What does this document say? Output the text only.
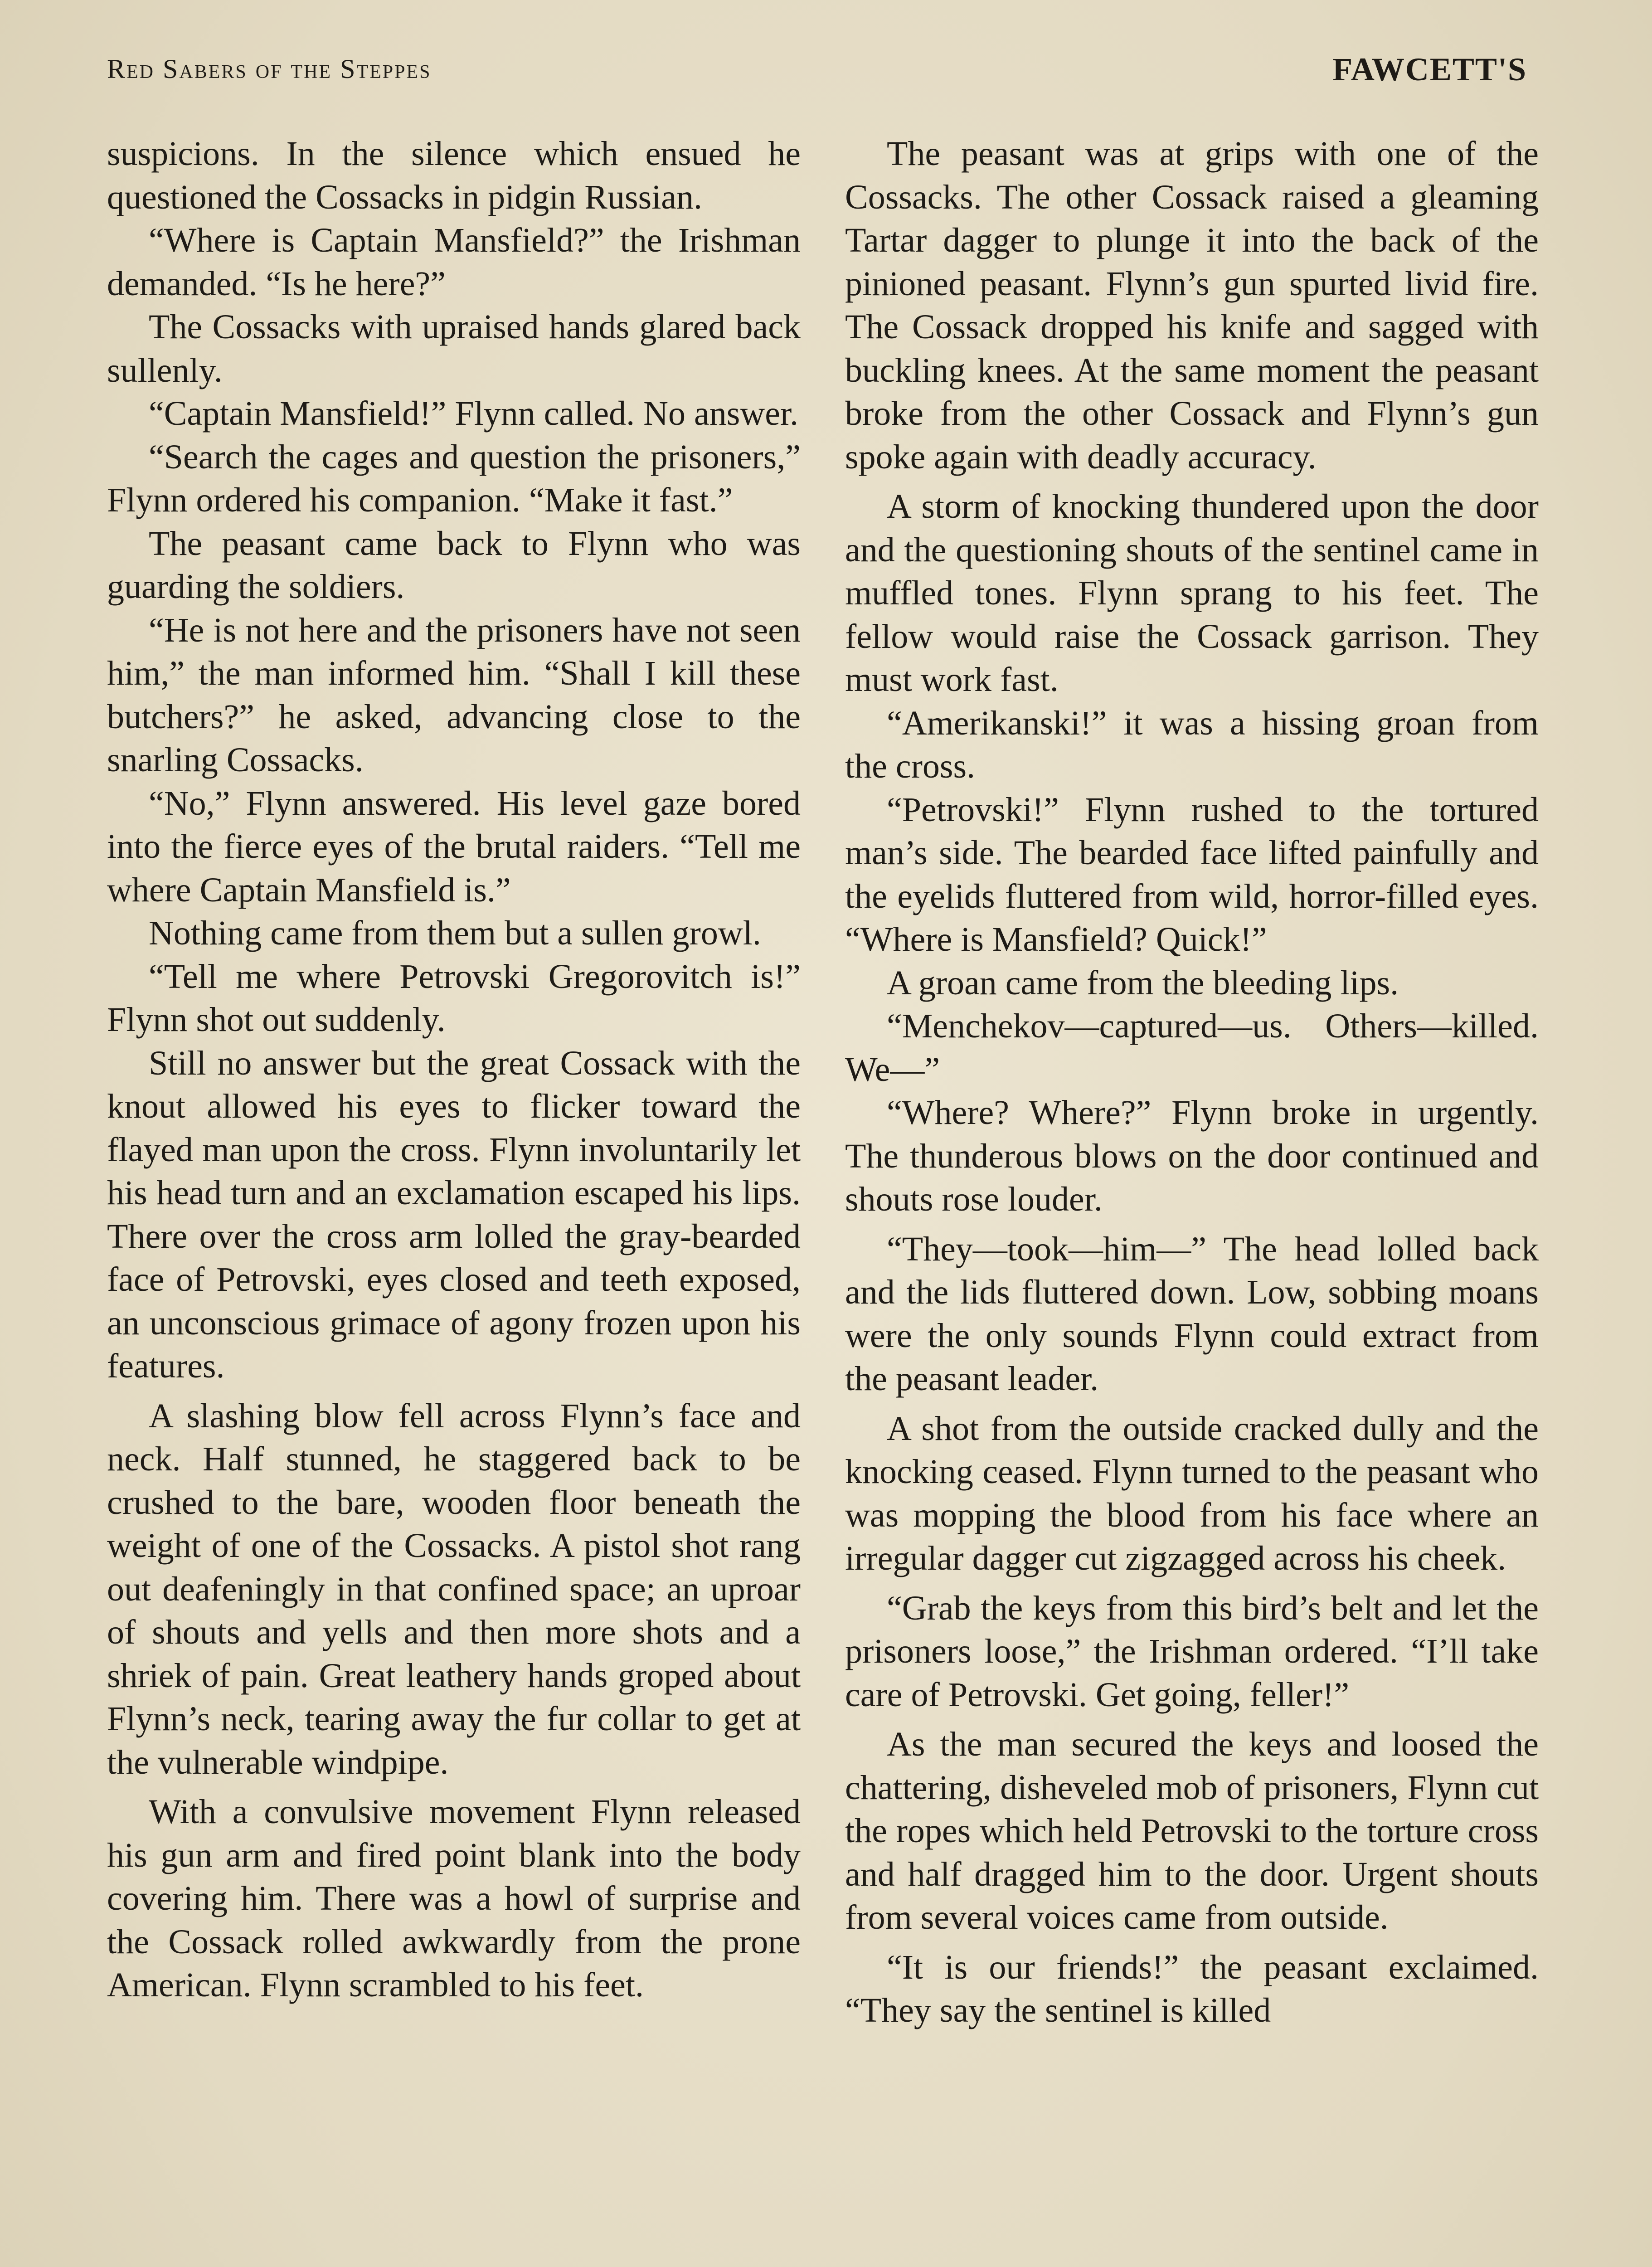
Red Sabers of the Steppes	FAWCETT'S

suspicions. In the silence which ensued he questioned the Cossacks in pidgin Russian.

“Where is Captain Mansfield?” the Irishman demanded. “Is he here?”

The Cossacks with upraised hands glared back sullenly.

“Captain Mansfield!” Flynn called. No answer.

“Search the cages and question the prisoners,” Flynn ordered his companion. “Make it fast.”

The peasant came back to Flynn who was guarding the soldiers.

“He is not here and the prisoners have not seen him,” the man informed him. “Shall I kill these butchers?” he asked, advancing close to the snarling Cossacks.

“No,” Flynn answered. His level gaze bored into the fierce eyes of the brutal raiders. “Tell me where Captain Mansfield is.”

Nothing came from them but a sullen growl.

“Tell me where Petrovski Gregorovitch is!” Flynn shot out suddenly.

Still no answer but the great Cossack with the knout allowed his eyes to flicker toward the flayed man upon the cross. Flynn involuntarily let his head turn and an exclamation escaped his lips. There over the cross arm lolled the gray-bearded face of Petrovski, eyes closed and teeth exposed, an unconscious grimace of agony frozen upon his features.

A slashing blow fell across Flynn’s face and neck. Half stunned, he staggered back to be crushed to the bare, wooden floor beneath the weight of one of the Cossacks. A pistol shot rang out deafeningly in that confined space; an uproar of shouts and yells and then more shots and a shriek of pain. Great leathery hands groped about Flynn’s neck, tearing away the fur collar to get at the vulnerable windpipe.

With a convulsive movement Flynn released his gun arm and fired point blank into the body covering him. There was a howl of surprise and the Cossack rolled awkwardly from the prone American. Flynn scrambled to his feet.

The peasant was at grips with one of the Cossacks. The other Cossack raised a gleaming Tartar dagger to plunge it into the back of the pinioned peasant. Flynn’s gun spurted livid fire. The Cossack dropped his knife and sagged with buckling knees. At the same moment the peasant broke from the other Cossack and Flynn’s gun spoke again with deadly accuracy.

A storm of knocking thundered upon the door and the questioning shouts of the sentinel came in muffled tones. Flynn sprang to his feet. The fellow would raise the Cossack garrison. They must work fast.

“Amerikanski!” it was a hissing groan from the cross.

“Petrovski!” Flynn rushed to the tortured man’s side. The bearded face lifted painfully and the eyelids fluttered from wild, horror-filled eyes. “Where is Mansfield? Quick!”

A groan came from the bleeding lips.

“Menchekov—captured—us. Others—killed. We—”

“Where? Where?” Flynn broke in urgently. The thunderous blows on the door continued and shouts rose louder.

“They—took—him—” The head lolled back and the lids fluttered down. Low, sobbing moans were the only sounds Flynn could extract from the peasant leader.

A shot from the outside cracked dully and the knocking ceased. Flynn turned to the peasant who was mopping the blood from his face where an irregular dagger cut zigzagged across his cheek.

“Grab the keys from this bird’s belt and let the prisoners loose,” the Irishman ordered. “I’ll take care of Petrovski. Get going, feller!”

As the man secured the keys and loosed the chattering, disheveled mob of prisoners, Flynn cut the ropes which held Petrovski to the torture cross and half dragged him to the door. Urgent shouts from several voices came from outside.

“It is our friends!” the peasant exclaimed. “They say the sentinel is killed
